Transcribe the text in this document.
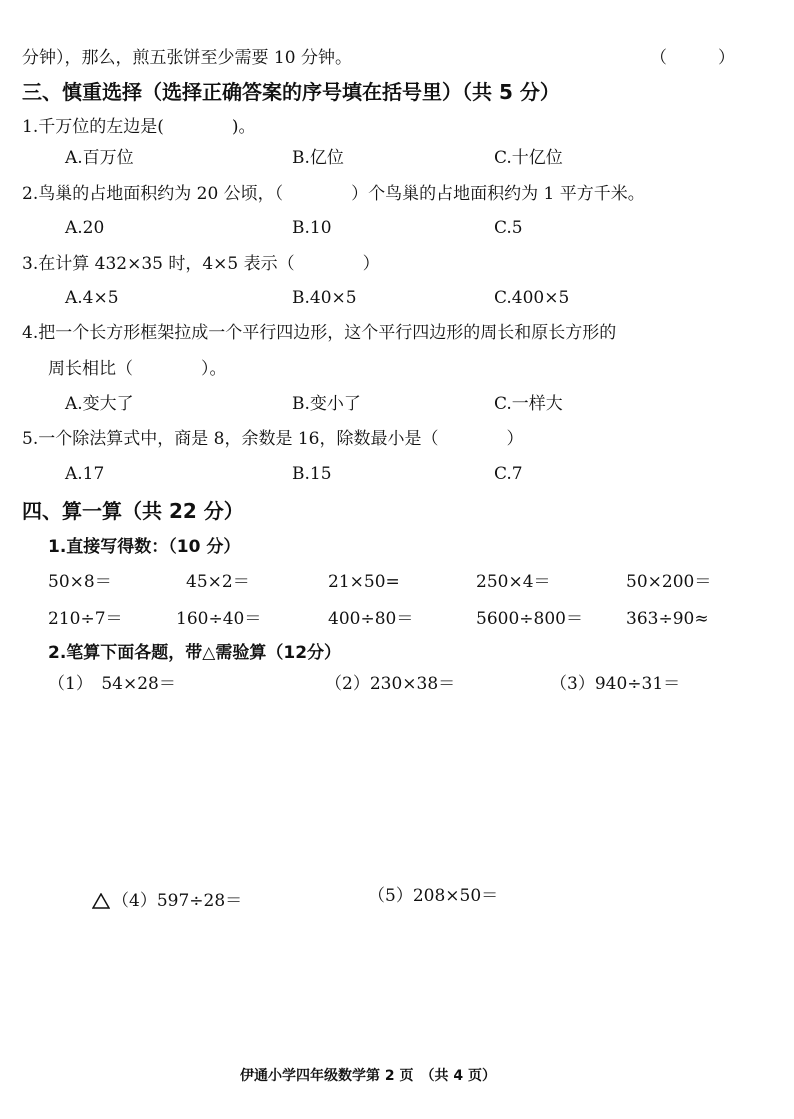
分钟），那么，煎五张饼至少需要 10 分钟。	（　　　）
三、慎重选择（选择正确答案的序号填在括号里）（共 5 分）
1.千万位的左边是(　　　　)。
A.百万位	B.亿位	C.十亿位
2.鸟巢的占地面积约为 20 公顷，（　　　　）个鸟巢的占地面积约为 1 平方千米。
A.20	B.10	C.5
3.在计算 432×35 时，4×5 表示（　　　　）
A.4×5	B.40×5	C.400×5
4.把一个长方形框架拉成一个平行四边形，这个平行四边形的周长和原长方形的
周长相比（　　　　）。
A.变大了	B.变小了	C.一样大
5.一个除法算式中，商是 8，余数是 16，除数最小是（　　　　）
A.17	B.15	C.7
四、算一算（共 22 分）
1.直接写得数：（10 分）
50×8＝	45×2＝	21×50=	250×4＝	50×200＝
210÷7＝	160÷40＝	400÷80＝	5600÷800＝	363÷90≈
2.笔算下面各题，带△需验算（12分）
（1）　54×28＝	（2）230×38＝	（3）940÷31＝
（4）597÷28＝	（5）208×50＝
伊通小学四年级数学第 2 页　（共 4 页）
